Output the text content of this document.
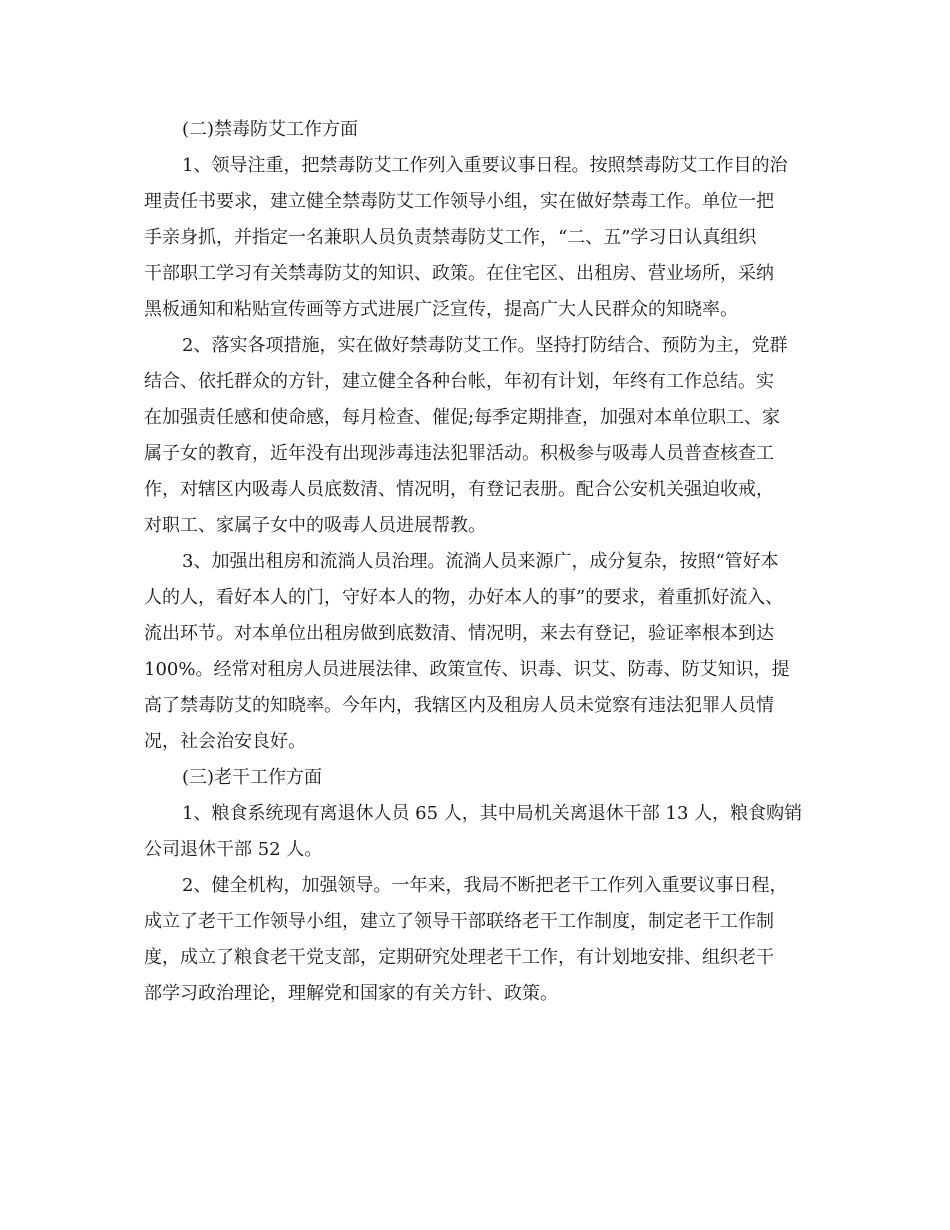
(二)禁毒防艾工作方面

1、领导注重，把禁毒防艾工作列入重要议事日程。按照禁毒防艾工作目的治

理责任书要求，建立健全禁毒防艾工作领导小组，实在做好禁毒工作。单位一把

手亲身抓，并指定一名兼职人员负责禁毒防艾工作，“二、五”学习日认真组织

干部职工学习有关禁毒防艾的知识、政策。在住宅区、出租房、营业场所，采纳

黑板通知和粘贴宣传画等方式进展广泛宣传，提高广大人民群众的知晓率。

2、落实各项措施，实在做好禁毒防艾工作。坚持打防结合、预防为主，党群

结合、依托群众的方针，建立健全各种台帐，年初有计划，年终有工作总结。实

在加强责任感和使命感，每月检查、催促;每季定期排查，加强对本单位职工、家

属子女的教育，近年没有出现涉毒违法犯罪活动。积极参与吸毒人员普查核查工

作，对辖区内吸毒人员底数清、情况明，有登记表册。配合公安机关强迫收戒，

对职工、家属子女中的吸毒人员进展帮教。

3、加强出租房和流淌人员治理。流淌人员来源广，成分复杂，按照“管好本

人的人，看好本人的门，守好本人的物，办好本人的事”的要求，着重抓好流入、

流出环节。对本单位出租房做到底数清、情况明，来去有登记，验证率根本到达

100%。经常对租房人员进展法律、政策宣传、识毒、识艾、防毒、防艾知识，提

高了禁毒防艾的知晓率。今年内，我辖区内及租房人员未觉察有违法犯罪人员情

况，社会治安良好。

(三)老干工作方面

1、粮食系统现有离退休人员 65 人，其中局机关离退休干部 13 人，粮食购销

公司退休干部 52 人。

2、健全机构，加强领导。一年来，我局不断把老干工作列入重要议事日程，

成立了老干工作领导小组，建立了领导干部联络老干工作制度，制定老干工作制

度，成立了粮食老干党支部，定期研究处理老干工作，有计划地安排、组织老干

部学习政治理论，理解党和国家的有关方针、政策。
